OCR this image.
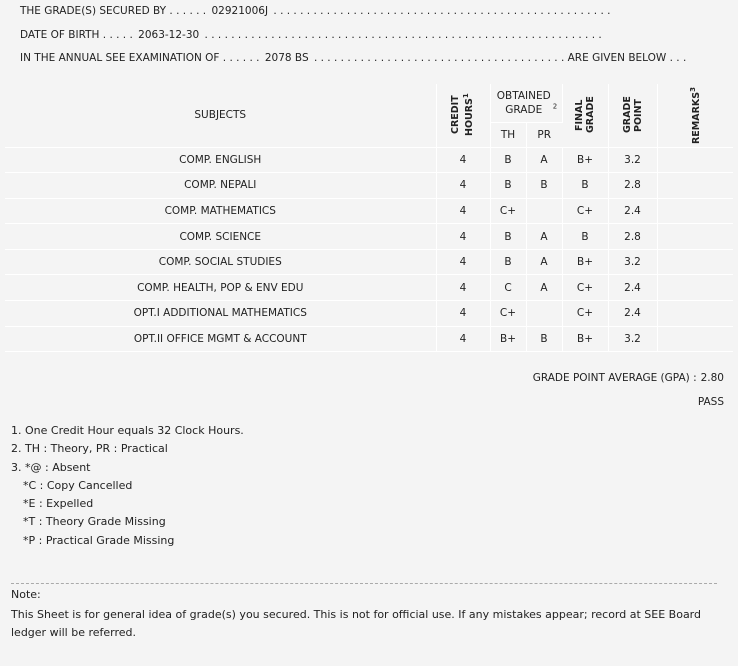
THE GRADE(S) SECURED BY . . . . . . 02921006J . . . . . . . . . . . . . . . . . . . . . . . . . . . . . . . . . . . . . . . . . . . . . . . . . . .
DATE OF BIRTH . . . . . 2063-12-30 . . . . . . . . . . . . . . . . . . . . . . . . . . . . . . . . . . . . . . . . . . . . . . . . . . . . . . . . . . . .
IN THE ANNUAL SEE EXAMINATION OF . . . . . . 2078 BS . . . . . . . . . . . . . . . . . . . . . . . . . . . . . . . . . . . . . . ARE GIVEN BELOW . . .
SUBJECTS	CREDIT HOURS$^1$	OBTAINED GRADE $^2$		FINAL GRADE	GRADE POINT	REMARKS$^3$

		TH	PR			
COMP. ENGLISH	4	B	A	B+	3.2	
COMP. NEPALI	4	B	B	B	2.8	
COMP. MATHEMATICS	4	C+		C+	2.4	
COMP. SCIENCE	4	B	A	B	2.8	
COMP. SOCIAL STUDIES	4	B	A	B+	3.2	
COMP. HEALTH, POP & ENV EDU	4	C	A	C+	2.4	
OPT.I ADDITIONAL MATHEMATICS	4	C+		C+	2.4	
OPT.II OFFICE MGMT & ACCOUNT	4	B+	B	B+	3.2	
GRADE POINT AVERAGE (GPA) : 2.80
PASS
1. One Credit Hour equals 32 Clock Hours.
2. TH : Theory, PR : Practical
3. *@ : Absent
*C : Copy Cancelled
*E : Expelled
*T : Theory Grade Missing
*P : Practical Grade Missing
Note:
This Sheet is for general idea of grade(s) you secured. This is not for official use. If any mistakes appear; record at SEE Board ledger will be referred.
